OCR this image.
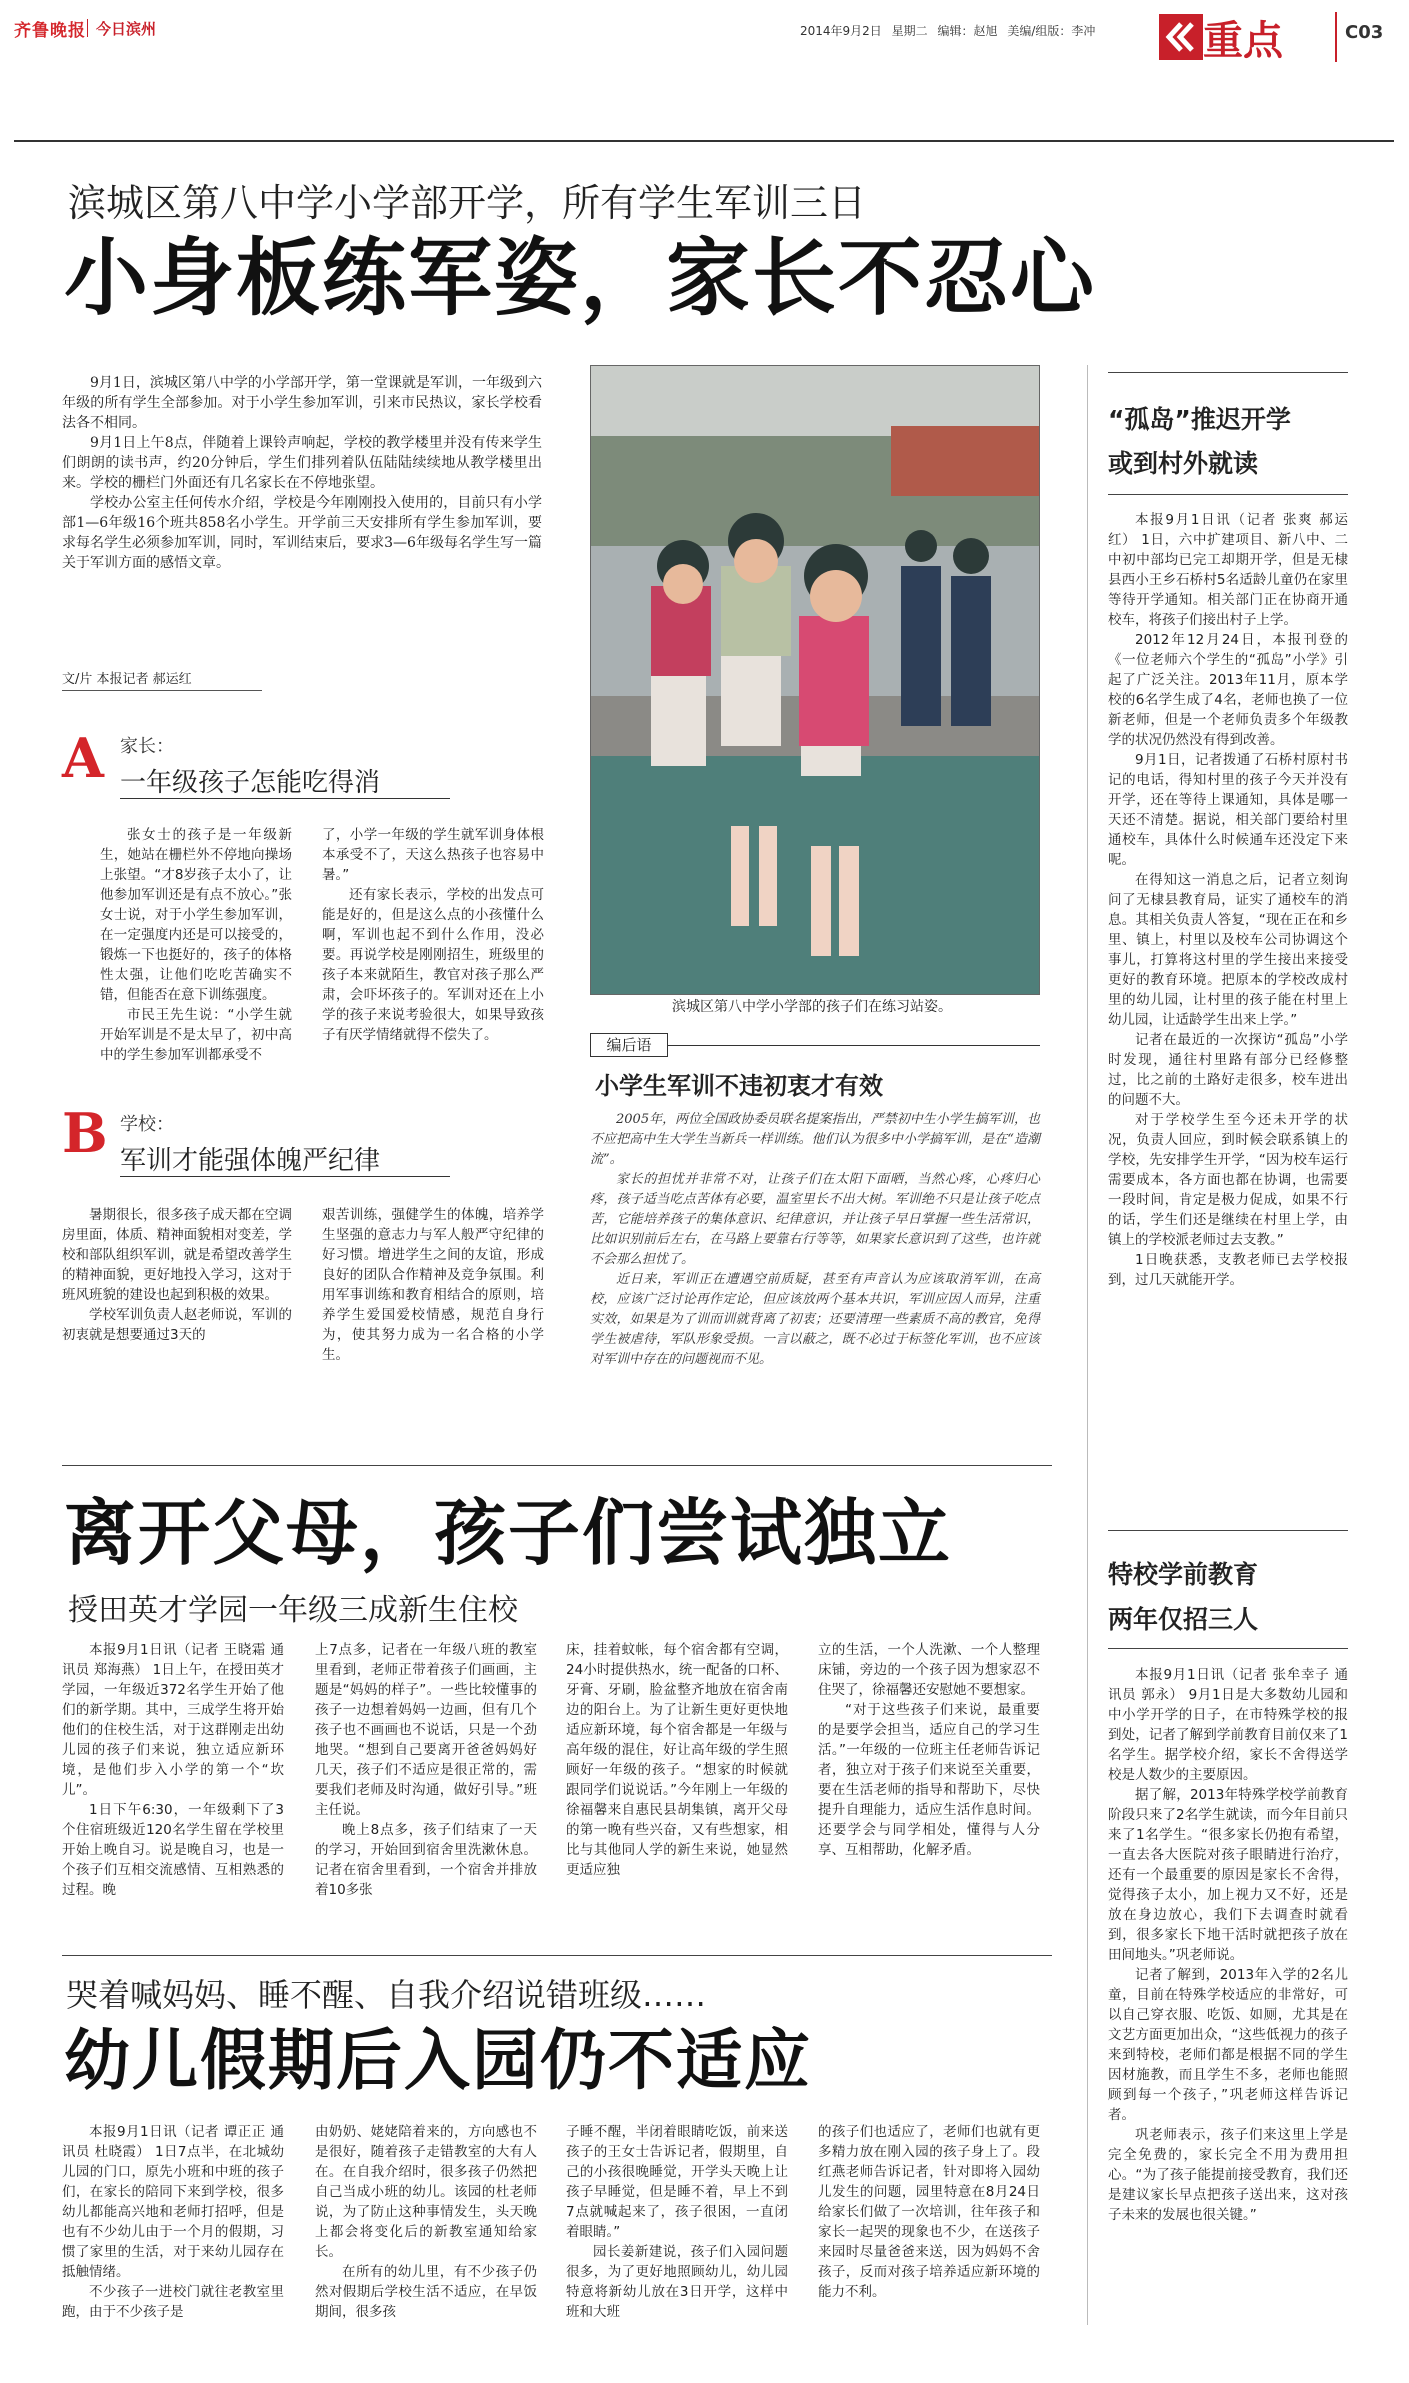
齐鲁晚报 今日滨州	2014年9月2日 星期二 编辑：赵旭 美编/组版：李冲	重点	C03
滨城区第八中学小学部开学，所有学生军训三日
小身板练军姿，家长不忍心

9月1日，滨城区第八中学的小学部开学，第一堂课就是军训，一年级到六年级的所有学生全部参加。对于小学生参加军训，引来市民热议，家长学校看法各不相同。

9月1日上午8点，伴随着上课铃声响起，学校的教学楼里并没有传来学生们朗朗的读书声，约20分钟后，学生们排列着队伍陆陆续续地从教学楼里出来。学校的栅栏门外面还有几名家长在不停地张望。

学校办公室主任何传水介绍，学校是今年刚刚投入使用的，目前只有小学部1—6年级16个班共858名小学生。开学前三天安排所有学生参加军训，要求每名学生必须参加军训，同时，军训结束后，要求3—6年级每名学生写一篇关于军训方面的感悟文章。

文/片 本报记者 郝运红
A 家长：
一年级孩子怎能吃得消

张女士的孩子是一年级新生，她站在栅栏外不停地向操场上张望。“才8岁孩子太小了，让他参加军训还是有点不放心。”张女士说，对于小学生参加军训，在一定强度内还是可以接受的，锻炼一下也挺好的，孩子的体格性太强，让他们吃吃苦确实不错，但能否在意下训练强度。

市民王先生说：“小学生就开始军训是不是太早了，初中高中的学生参加军训都承受不

了，小学一年级的学生就军训身体根本承受不了，天这么热孩子也容易中暑。”

还有家长表示，学校的出发点可能是好的，但是这么点的小孩懂什么啊，军训也起不到什么作用，没必要。再说学校是刚刚招生，班级里的孩子本来就陌生，教官对孩子那么严肃，会吓坏孩子的。军训对还在上小学的孩子来说考验很大，如果导致孩子有厌学情绪就得不偿失了。

B 学校：
军训才能强体魄严纪律

暑期很长，很多孩子成天都在空调房里面，体质、精神面貌相对变差，学校和部队组织军训，就是希望改善学生的精神面貌，更好地投入学习，这对于班风班貌的建设也起到积极的效果。

学校军训负责人赵老师说，军训的初衷就是想要通过3天的

艰苦训练，强健学生的体魄，培养学生坚强的意志力与军人般严守纪律的好习惯。增进学生之间的友谊，形成良好的团队合作精神及竞争氛围。利用军事训练和教育相结合的原则，培养学生爱国爱校情感，规范自身行为，使其努力成为一名合格的小学生。

滨城区第八中学小学部的孩子们在练习站姿。
编后语
小学生军训不违初衷才有效

2005年，两位全国政协委员联名提案指出，严禁初中生小学生搞军训，也不应把高中生大学生当新兵一样训练。他们认为很多中小学搞军训，是在“造潮流”。

家长的担忧并非常不对，让孩子们在太阳下面晒，当然心疼，心疼归心疼，孩子适当吃点苦体有必要，温室里长不出大树。军训绝不只是让孩子吃点苦，它能培养孩子的集体意识、纪律意识，并让孩子早日掌握一些生活常识，比如识别前后左右，在马路上要靠右行等等，如果家长意识到了这些，也许就不会那么担忧了。

近日来，军训正在遭遇空前质疑，甚至有声音认为应该取消军训，在高校，应该广泛讨论再作定论，但应该放两个基本共识，军训应因人而异，注重实效，如果是为了训而训就背离了初衷；还要清理一些素质不高的教官，免得学生被虐待，军队形象受损。一言以蔽之，既不必过于标签化军训，也不应该对军训中存在的问题视而不见。

“孤岛”推迟开学
或到村外就读

本报9月1日讯（记者 张爽 郝运红） 1日，六中扩建项目、新八中、二中初中部均已完工却期开学，但是无棣县西小王乡石桥村5名适龄儿童仍在家里等待开学通知。相关部门正在协商开通校车，将孩子们接出村子上学。

2012年12月24日，本报刊登的《一位老师六个学生的“孤岛”小学》引起了广泛关注。2013年11月，原本学校的6名学生成了4名，老师也换了一位新老师，但是一个老师负责多个年级教学的状况仍然没有得到改善。

9月1日，记者拨通了石桥村原村书记的电话，得知村里的孩子今天并没有开学，还在等待上课通知，具体是哪一天还不清楚。据说，相关部门要给村里通校车，具体什么时候通车还没定下来呢。

在得知这一消息之后，记者立刻询问了无棣县教育局，证实了通校车的消息。其相关负责人答复，“现在正在和乡里、镇上，村里以及校车公司协调这个事儿，打算将这村里的学生接出来接受更好的教育环境。把原本的学校改成村里的幼儿园，让村里的孩子能在村里上幼儿园，让适龄学生出来上学。”

记者在最近的一次探访“孤岛”小学时发现，通往村里路有部分已经修整过，比之前的土路好走很多，校车进出的问题不大。

对于学校学生至今还未开学的状况，负责人回应，到时候会联系镇上的学校，先安排学生开学，“因为校车运行需要成本，各方面也都在协调，也需要一段时间，肯定是极力促成，如果不行的话，学生们还是继续在村里上学，由镇上的学校派老师过去支教。”

1日晚获悉，支教老师已去学校报到，过几天就能开学。

离开父母，孩子们尝试独立
授田英才学园一年级三成新生住校

本报9月1日讯（记者 王晓霜 通讯员 郑海燕） 1日上午，在授田英才学园，一年级近372名学生开始了他们的新学期。其中，三成学生将开始他们的住校生活，对于这群刚走出幼儿园的孩子们来说，独立适应新环境，是他们步入小学的第一个“坎儿”。

1日下午6:30，一年级剩下了3个住宿班级近120名学生留在学校里开始上晚自习。说是晚自习，也是一个孩子们互相交流感情、互相熟悉的过程。晚

上7点多，记者在一年级八班的教室里看到，老师正带着孩子们画画，主题是“妈妈的样子”。一些比较懂事的孩子一边想着妈妈一边画，但有几个孩子也不画画也不说话，只是一个劲地哭。“想到自己要离开爸爸妈妈好几天，孩子们不适应是很正常的，需要我们老师及时沟通，做好引导。”班主任说。

晚上8点多，孩子们结束了一天的学习，开始回到宿舍里洗漱休息。记者在宿舍里看到，一个宿舍并排放着10多张

床，挂着蚊帐，每个宿舍都有空调，24小时提供热水，统一配备的口杯、牙膏、牙刷，脸盆整齐地放在宿舍南边的阳台上。为了让新生更好更快地适应新环境，每个宿舍都是一年级与高年级的混住，好让高年级的学生照顾好一年级的孩子。“想家的时候就跟同学们说说话。”今年刚上一年级的徐福馨来自惠民县胡集镇，离开父母的第一晚有些兴奋，又有些想家，相比与其他同人学的新生来说，她显然更适应独

立的生活，一个人洗漱、一个人整理床铺，旁边的一个孩子因为想家忍不住哭了，徐福馨还安慰她不要想家。

“对于这些孩子们来说，最重要的是要学会担当，适应自己的学习生活。”一年级的一位班主任老师告诉记者，独立对于孩子们来说至关重要，要在生活老师的指导和帮助下，尽快提升自理能力，适应生活作息时间。还要学会与同学相处，懂得与人分享、互相帮助，化解矛盾。

哭着喊妈妈、睡不醒、自我介绍说错班级……
幼儿假期后入园仍不适应

本报9月1日讯（记者 谭正正 通讯员 杜晓霞） 1日7点半，在北城幼儿园的门口，原先小班和中班的孩子们，在家长的陪同下来到学校，很多幼儿都能高兴地和老师打招呼，但是也有不少幼儿由于一个月的假期，习惯了家里的生活，对于来幼儿园存在抵触情绪。

不少孩子一进校门就往老教室里跑，由于不少孩子是

由奶奶、姥姥陪着来的，方向感也不是很好，随着孩子走错教室的大有人在。在自我介绍时，很多孩子仍然把自己当成小班的幼儿。该园的杜老师说，为了防止这种事情发生，头天晚上都会将变化后的新教室通知给家长。

在所有的幼儿里，有不少孩子仍然对假期后学校生活不适应，在早饭期间，很多孩

子睡不醒，半闭着眼睛吃饭，前来送孩子的王女士告诉记者，假期里，自己的小孩很晚睡觉，开学头天晚上让孩子早睡觉，但是睡不着，早上不到7点就喊起来了，孩子很困，一直闭着眼睛。”

园长姜新建说，孩子们入园问题很多，为了更好地照顾幼儿，幼儿园特意将新幼儿放在3日开学，这样中班和大班

的孩子们也适应了，老师们也就有更多精力放在刚入园的孩子身上了。段红燕老师告诉记者，针对即将入园幼儿发生的问题，园里特意在8月24日给家长们做了一次培训，往年孩子和家长一起哭的现象也不少，在送孩子来园时尽量爸爸来送，因为妈妈不舍孩子，反而对孩子培养适应新环境的能力不利。

特校学前教育
两年仅招三人

本报9月1日讯（记者 张牟幸子 通讯员 郭永） 9月1日是大多数幼儿园和中小学开学的日子，在市特殊学校的报到处，记者了解到学前教育目前仅来了1名学生。据学校介绍，家长不舍得送学校是人数少的主要原因。

据了解，2013年特殊学校学前教育阶段只来了2名学生就读，而今年目前只来了1名学生。“很多家长仍抱有希望，一直去各大医院对孩子眼睛进行治疗，还有一个最重要的原因是家长不舍得，觉得孩子太小，加上视力又不好，还是放在身边放心，我们下去调查时就看到，很多家长下地干活时就把孩子放在田间地头。”巩老师说。

记者了解到，2013年入学的2名儿童，目前在特殊学校适应的非常好，可以自己穿衣服、吃饭、如厕，尤其是在文艺方面更加出众，“这些低视力的孩子来到特校，老师们都是根据不同的学生因材施教，而且学生不多，老师也能照顾到每一个孩子，”巩老师这样告诉记者。

巩老师表示，孩子们来这里上学是完全免费的，家长完全不用为费用担心。“为了孩子能提前接受教育，我们还是建议家长早点把孩子送出来，这对孩子未来的发展也很关键。”
